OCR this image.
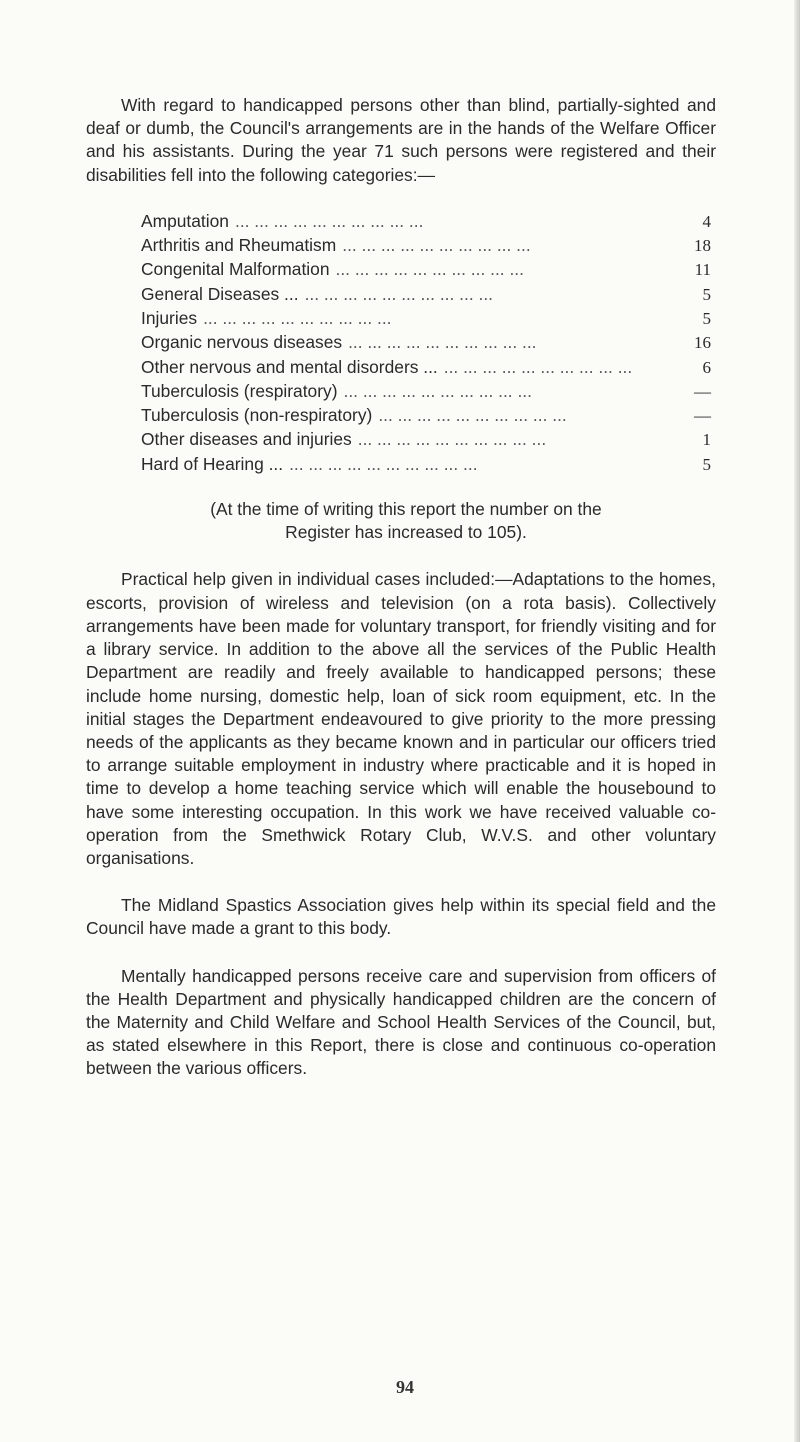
With regard to handicapped persons other than blind, partially-sighted and deaf or dumb, the Council's arrangements are in the hands of the Welfare Officer and his assistants. During the year 71 such persons were registered and their disabilities fell into the following categories:—

Amputation ... ... ... ... ... ... ... ... ... ...	4
Arthritis and Rheumatism ... ... ... ... ... ... ... ... ... ...	18
Congenital Malformation ... ... ... ... ... ... ... ... ... ...	11
General Diseases ... ... ... ... ... ... ... ... ... ... ...	5
Injuries ... ... ... ... ... ... ... ... ... ...	5
Organic nervous diseases ... ... ... ... ... ... ... ... ... ...	16
Other nervous and mental disorders ... ... ... ... ... ... ... ... ... ... ...	6
Tuberculosis (respiratory) ... ... ... ... ... ... ... ... ... ...	—
Tuberculosis (non-respiratory) ... ... ... ... ... ... ... ... ... ...	—
Other diseases and injuries ... ... ... ... ... ... ... ... ... ...	1
Hard of Hearing ... ... ... ... ... ... ... ... ... ... ...	5

(At the time of writing this report the number on the
Register has increased to 105).

Practical help given in individual cases included:—Adaptations to the homes, escorts, provision of wireless and television (on a rota basis). Collectively arrangements have been made for voluntary transport, for friendly visiting and for a library service. In addition to the above all the services of the Public Health Department are readily and freely available to handicapped persons; these include home nursing, domestic help, loan of sick room equipment, etc. In the initial stages the Department endeavoured to give priority to the more pressing needs of the applicants as they became known and in particular our officers tried to arrange suitable employment in industry where practicable and it is hoped in time to develop a home teaching service which will enable the housebound to have some interesting occupation. In this work we have received valuable co-operation from the Smethwick Rotary Club, W.V.S. and other voluntary organisations.

The Midland Spastics Association gives help within its special field and the Council have made a grant to this body.

Mentally handicapped persons receive care and supervision from officers of the Health Department and physically handicapped children are the concern of the Maternity and Child Welfare and School Health Services of the Council, but, as stated elsewhere in this Report, there is close and continuous co-operation between the various officers.

94
